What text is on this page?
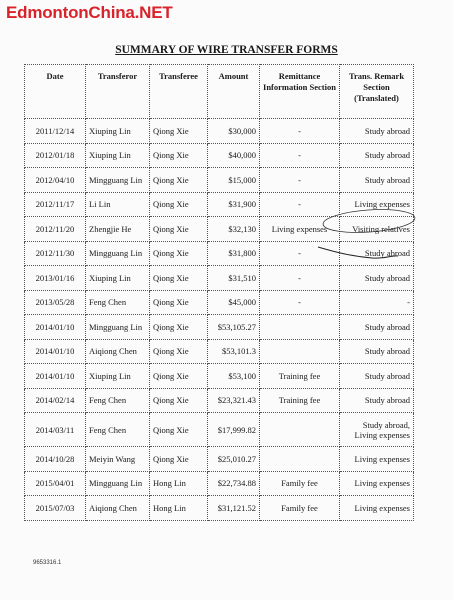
EdmontonChina.NET
SUMMARY OF WIRE TRANSFER FORMS
Date	Transferor	Transferee	Amount	Remittance Information Section	Trans. Remark Section (Translated)
2011/12/14	Xiuping Lin	Qiong Xie	$30,000	-	Study abroad
2012/01/18	Xiuping Lin	Qiong Xie	$40,000	-	Study abroad
2012/04/10	Mingguang Lin	Qiong Xie	$15,000	-	Study abroad
2012/11/17	Li Lin	Qiong Xie	$31,900	-	Living expenses
2012/11/20	Zhengjie He	Qiong Xie	$32,130	Living expenses	Visiting relatives
2012/11/30	Mingguang Lin	Qiong Xie	$31,800	-	Study abroad
2013/01/16	Xiuping Lin	Qiong Xie	$31,510	-	Study abroad
2013/05/28	Feng Chen	Qiong Xie	$45,000	-	-
2014/01/10	Mingguang Lin	Qiong Xie	$53,105.27		Study abroad
2014/01/10	Aiqiong Chen	Qiong Xie	$53,101.3		Study abroad
2014/01/10	Xiuping Lin	Qiong Xie	$53,100	Training fee	Study abroad
2014/02/14	Feng Chen	Qiong Xie	$23,321.43	Training fee	Study abroad
2014/03/11	Feng Chen	Qiong Xie	$17,999.82		Study abroad, Living expenses
2014/10/28	Meiyin Wang	Qiong Xie	$25,010.27		Living expenses
2015/04/01	Mingguang Lin	Hong Lin	$22,734.88	Family fee	Living expenses
2015/07/03	Aiqiong Chen	Hong Lin	$31,121.52	Family fee	Living expenses
9653316.1
